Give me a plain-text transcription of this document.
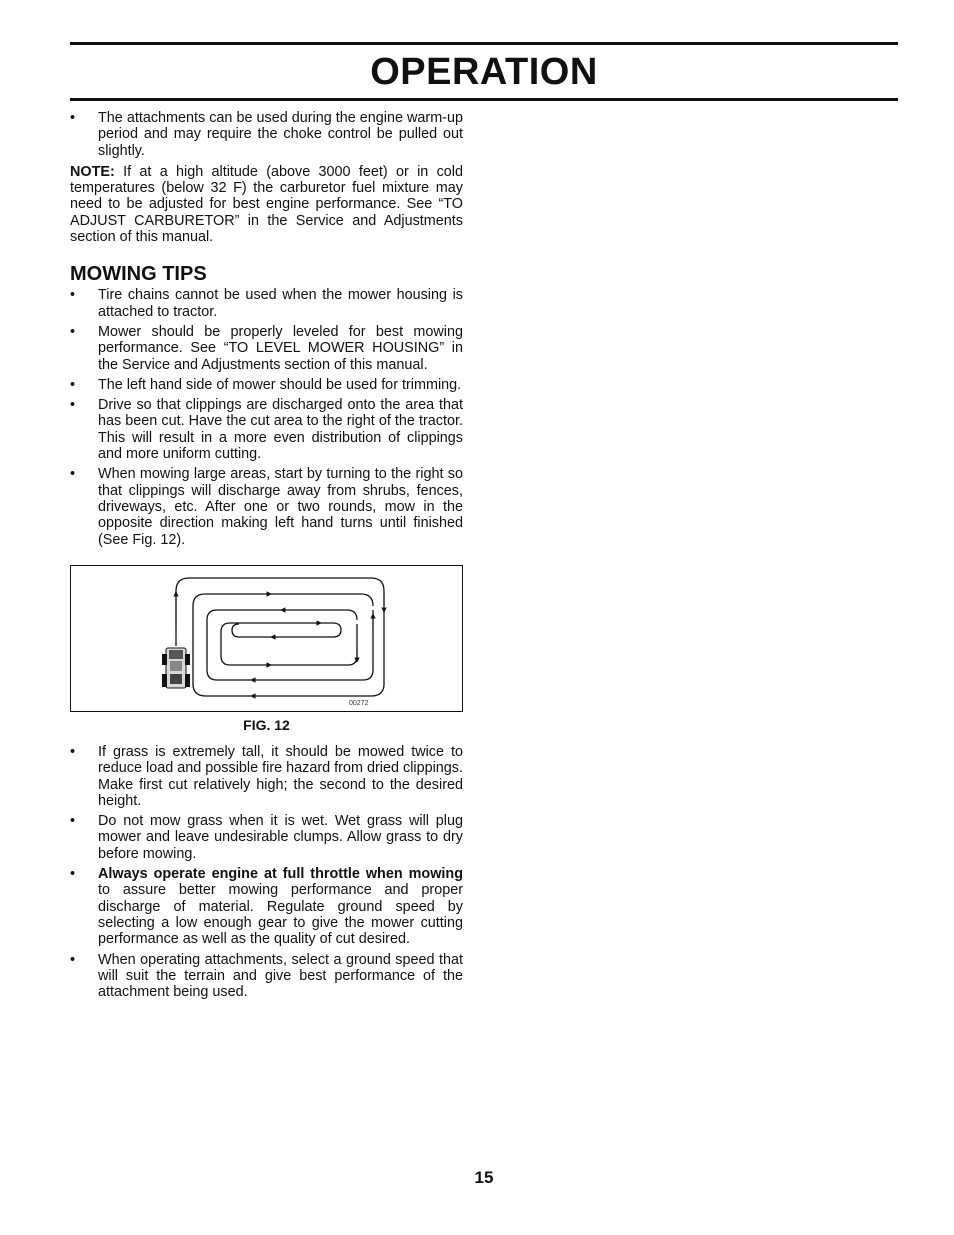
OPERATION
• The attachments can be used during the engine warm-up period and may require the choke control be pulled out slightly.

NOTE: If at a high altitude (above 3000 feet) or in cold temperatures (below 32 F) the carburetor fuel mixture may need to be adjusted for best engine performance. See “TO ADJUST CARBURETOR” in the Service and Adjustments section of this manual.

MOWING TIPS
• Tire chains cannot be used when the mower housing is attached to tractor.
• Mower should be properly leveled for best mowing performance. See “TO LEVEL MOWER HOUSING” in the Service and Adjustments section of this manual.
• The left hand side of mower should be used for trimming.
• Drive so that clippings are discharged onto the area that has been cut. Have the cut area to the right of the tractor. This will result in a more even distribution of clippings and more uniform cutting.
• When mowing large areas, start by turning to the right so that clippings will discharge away from shrubs, fences, driveways, etc. After one or two rounds, mow in the opposite direction making left hand turns until finished (See Fig. 12).
00272
FIG. 12
• If grass is extremely tall, it should be mowed twice to reduce load and possible fire hazard from dried clippings. Make first cut relatively high; the second to the desired height.
• Do not mow grass when it is wet. Wet grass will plug mower and leave undesirable clumps. Allow grass to dry before mowing.
• Always operate engine at full throttle when mowing to assure better mowing performance and proper discharge of material. Regulate ground speed by selecting a low enough gear to give the mower cutting performance as well as the quality of cut desired.
• When operating attachments, select a ground speed that will suit the terrain and give best performance of the attachment being used.
15
